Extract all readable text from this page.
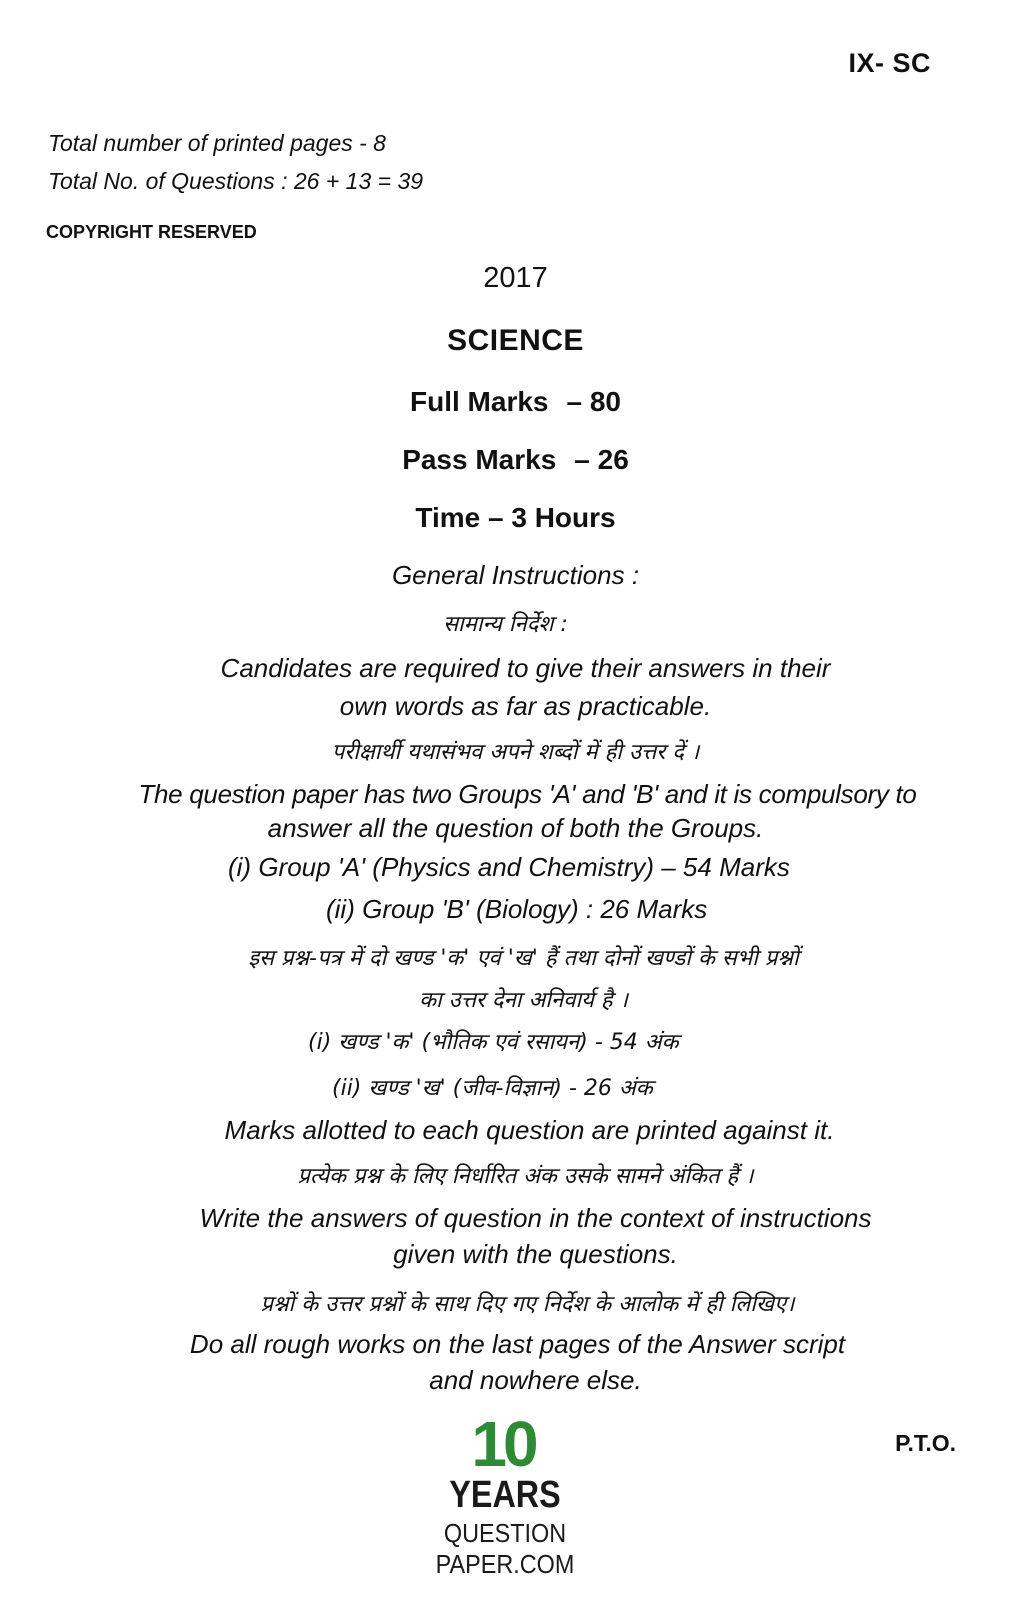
IX- SC
Total number of printed pages - 8
Total No. of Questions : 26 + 13 = 39
COPYRIGHT RESERVED
2017
SCIENCE
Full Marks – 80
Pass Marks – 26
Time – 3 Hours
General Instructions :
सामान्य निर्देश :
Candidates are required to give their answers in their
own words as far as practicable.
परीक्षार्थी यथासंभव अपने शब्दों में ही उत्तर दें ।
The question paper has two Groups 'A' and 'B' and it is compulsory to
answer all the question of both the Groups.
(i) Group 'A' (Physics and Chemistry) – 54 Marks
(ii) Group 'B' (Biology) : 26 Marks
इस प्रश्न-पत्र में दो खण्ड 'क' एवं 'ख' हैं तथा दोनों खण्डों के सभी प्रश्नों
का उत्तर देना अनिवार्य है ।
(i) खण्ड 'क' (भौतिक एवं रसायन) - 54 अंक
(ii) खण्ड 'ख' (जीव-विज्ञान) - 26 अंक
Marks allotted to each question are printed against it.
प्रत्येक प्रश्न के लिए निर्धारित अंक उसके सामने अंकित हैं ।
Write the answers of question in the context of instructions
given with the questions.
प्रश्नों के उत्तर प्रश्नों के साथ दिए गए निर्देश के आलोक में ही लिखिए।
Do all rough works on the last pages of the Answer script
and nowhere else.
P.T.O.
10
YEARS
QUESTION PAPER.COM
